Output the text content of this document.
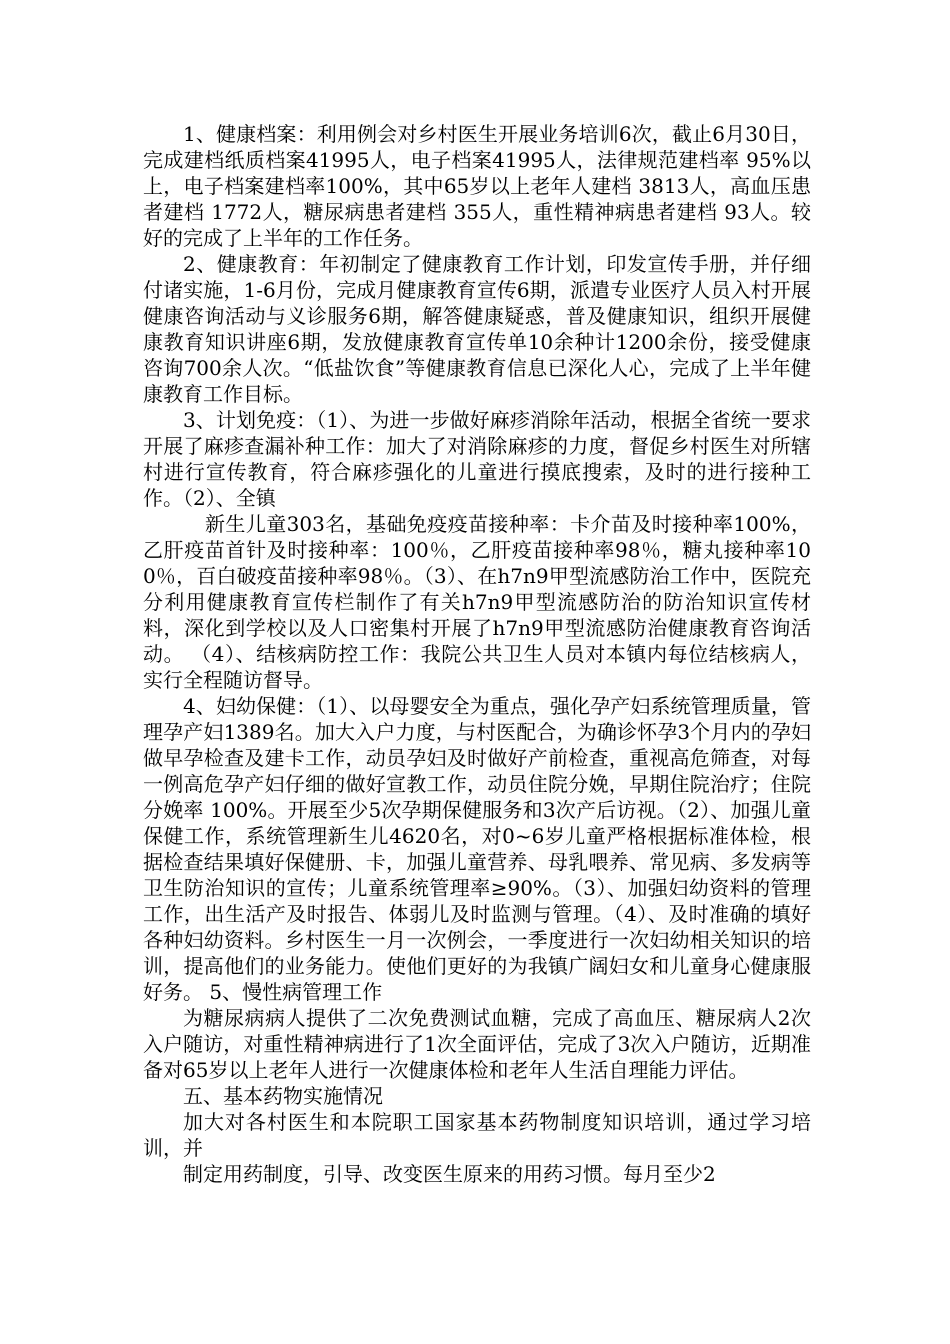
1、健康档案：利用例会对乡村医生开展业务培训6次，截止6月30日，完成建档纸质档案41995人，电子档案41995人，法律规范建档率 95%以上，电子档案建档率100%，其中65岁以上老年人建档 3813人，高血压患者建档 1772人，糖尿病患者建档 355人，重性精神病患者建档 93人。较好的完成了上半年的工作任务。

2、健康教育：年初制定了健康教育工作计划，印发宣传手册，并仔细付诸实施，1-6月份，完成月健康教育宣传6期，派遣专业医疗人员入村开展健康咨询活动与义诊服务6期，解答健康疑惑，普及健康知识，组织开展健康教育知识讲座6期，发放健康教育宣传单10余种计1200余份，接受健康咨询700余人次。“低盐饮食”等健康教育信息已深化人心，完成了上半年健康教育工作目标。

3、计划免疫：（1）、为进一步做好麻疹消除年活动，根据全省统一要求开展了麻疹查漏补种工作：加大了对消除麻疹的力度，督促乡村医生对所辖村进行宣传教育，符合麻疹强化的儿童进行摸底搜索，及时的进行接种工作。（2）、全镇

新生儿童303名，基础免疫疫苗接种率：卡介苗及时接种率100%，乙肝疫苗首针及时接种率：100％，乙肝疫苗接种率98％，糖丸接种率100％，百白破疫苗接种率98％。（3）、在h7n9甲型流感防治工作中，医院充分利用健康教育宣传栏制作了有关h7n9甲型流感防治的防治知识宣传材料，深化到学校以及人口密集村开展了h7n9甲型流感防治健康教育咨询活动。 （4）、结核病防控工作：我院公共卫生人员对本镇内每位结核病人，实行全程随访督导。

4、妇幼保健：（1）、以母婴安全为重点，强化孕产妇系统管理质量，管理孕产妇1389名。加大入户力度，与村医配合，为确诊怀孕3个月内的孕妇做早孕检查及建卡工作，动员孕妇及时做好产前检查，重视高危筛查，对每一例高危孕产妇仔细的做好宣教工作，动员住院分娩，早期住院治疗；住院分娩率 100%。开展至少5次孕期保健服务和3次产后访视。（2）、加强儿童保健工作，系统管理新生儿4620名，对0~6岁儿童严格根据标准体检，根据检查结果填好保健册、卡，加强儿童营养、母乳喂养、常见病、多发病等卫生防治知识的宣传；儿童系统管理率≥90%。（3）、加强妇幼资料的管理工作，出生活产及时报告、体弱儿及时监测与管理。（4）、及时准确的填好各种妇幼资料。乡村医生一月一次例会，一季度进行一次妇幼相关知识的培训，提高他们的业务能力。使他们更好的为我镇广阔妇女和儿童身心健康服好务。 5、慢性病管理工作

为糖尿病病人提供了二次免费测试血糖，完成了高血压、糖尿病人2次入户随访，对重性精神病进行了1次全面评估，完成了3次入户随访，近期准备对65岁以上老年人进行一次健康体检和老年人生活自理能力评估。

五、基本药物实施情况

加大对各村医生和本院职工国家基本药物制度知识培训，通过学习培训，并

制定用药制度，引导、改变医生原来的用药习惯。每月至少2
